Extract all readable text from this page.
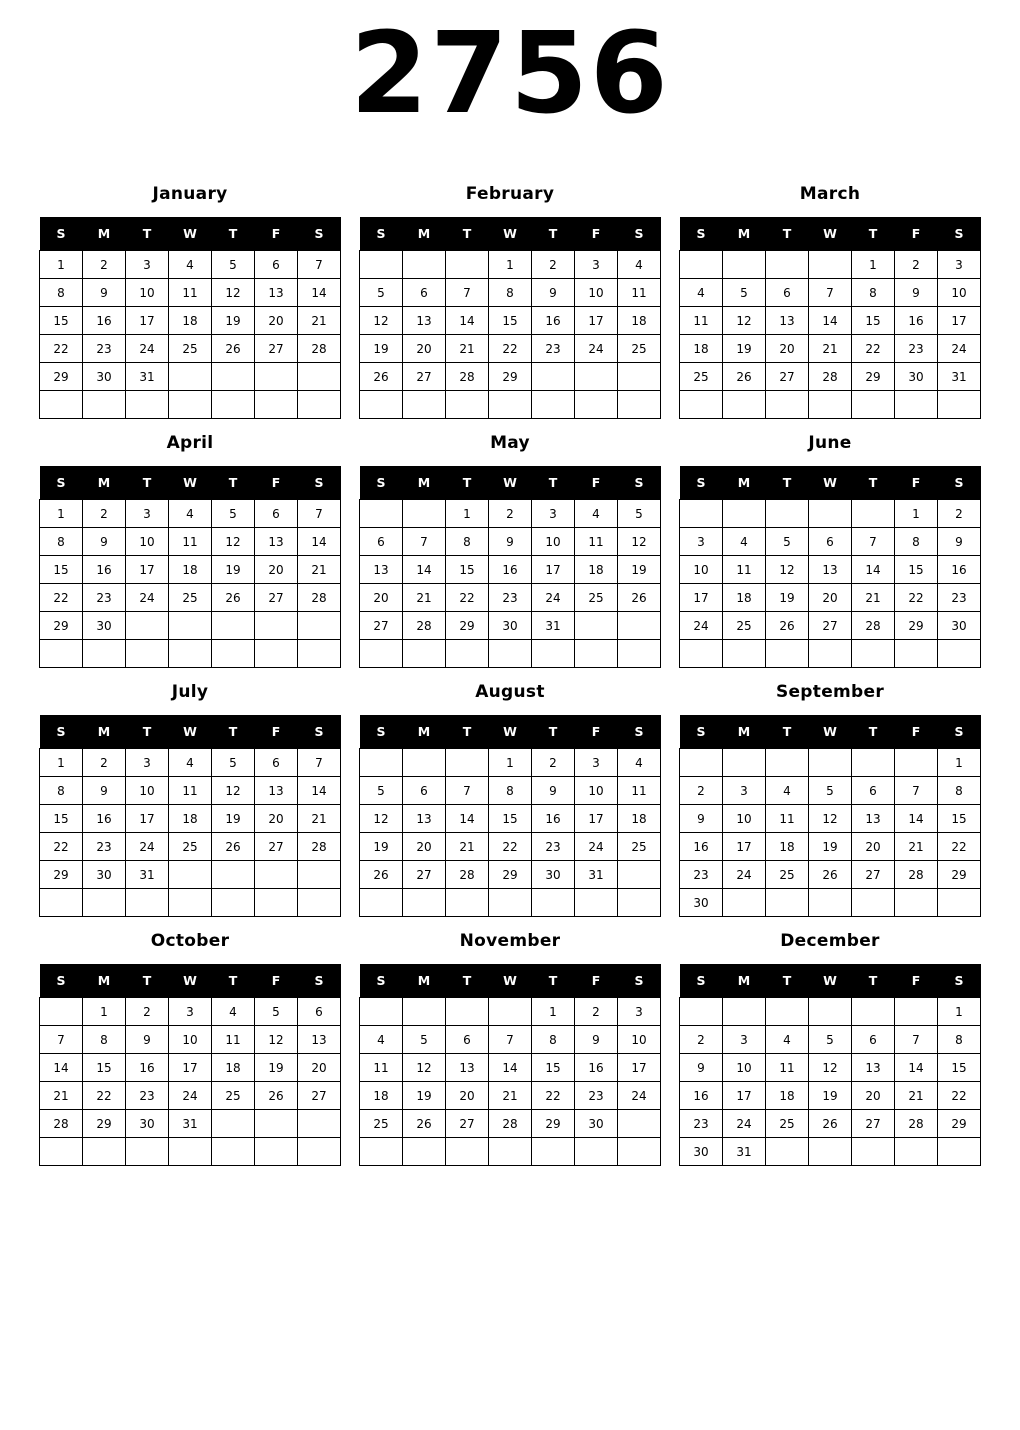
2756
January
S	M	T	W	T	F	S
1	2	3	4	5	6	7
8	9	10	11	12	13	14
15	16	17	18	19	20	21
22	23	24	25	26	27	28
29	30	31				

February
S	M	T	W	T	F	S
			1	2	3	4
5	6	7	8	9	10	11
12	13	14	15	16	17	18
19	20	21	22	23	24	25
26	27	28	29			

March
S	M	T	W	T	F	S
				1	2	3
4	5	6	7	8	9	10
11	12	13	14	15	16	17
18	19	20	21	22	23	24
25	26	27	28	29	30	31

April
S	M	T	W	T	F	S
1	2	3	4	5	6	7
8	9	10	11	12	13	14
15	16	17	18	19	20	21
22	23	24	25	26	27	28
29	30					

May
S	M	T	W	T	F	S
		1	2	3	4	5
6	7	8	9	10	11	12
13	14	15	16	17	18	19
20	21	22	23	24	25	26
27	28	29	30	31		

June
S	M	T	W	T	F	S
					1	2
3	4	5	6	7	8	9
10	11	12	13	14	15	16
17	18	19	20	21	22	23
24	25	26	27	28	29	30

July
S	M	T	W	T	F	S
1	2	3	4	5	6	7
8	9	10	11	12	13	14
15	16	17	18	19	20	21
22	23	24	25	26	27	28
29	30	31				

August
S	M	T	W	T	F	S
			1	2	3	4
5	6	7	8	9	10	11
12	13	14	15	16	17	18
19	20	21	22	23	24	25
26	27	28	29	30	31	

September
S	M	T	W	T	F	S
						1
2	3	4	5	6	7	8
9	10	11	12	13	14	15
16	17	18	19	20	21	22
23	24	25	26	27	28	29
30						
October
S	M	T	W	T	F	S
	1	2	3	4	5	6
7	8	9	10	11	12	13
14	15	16	17	18	19	20
21	22	23	24	25	26	27
28	29	30	31			

November
S	M	T	W	T	F	S
				1	2	3
4	5	6	7	8	9	10
11	12	13	14	15	16	17
18	19	20	21	22	23	24
25	26	27	28	29	30	

December
S	M	T	W	T	F	S
						1
2	3	4	5	6	7	8
9	10	11	12	13	14	15
16	17	18	19	20	21	22
23	24	25	26	27	28	29
30	31					
